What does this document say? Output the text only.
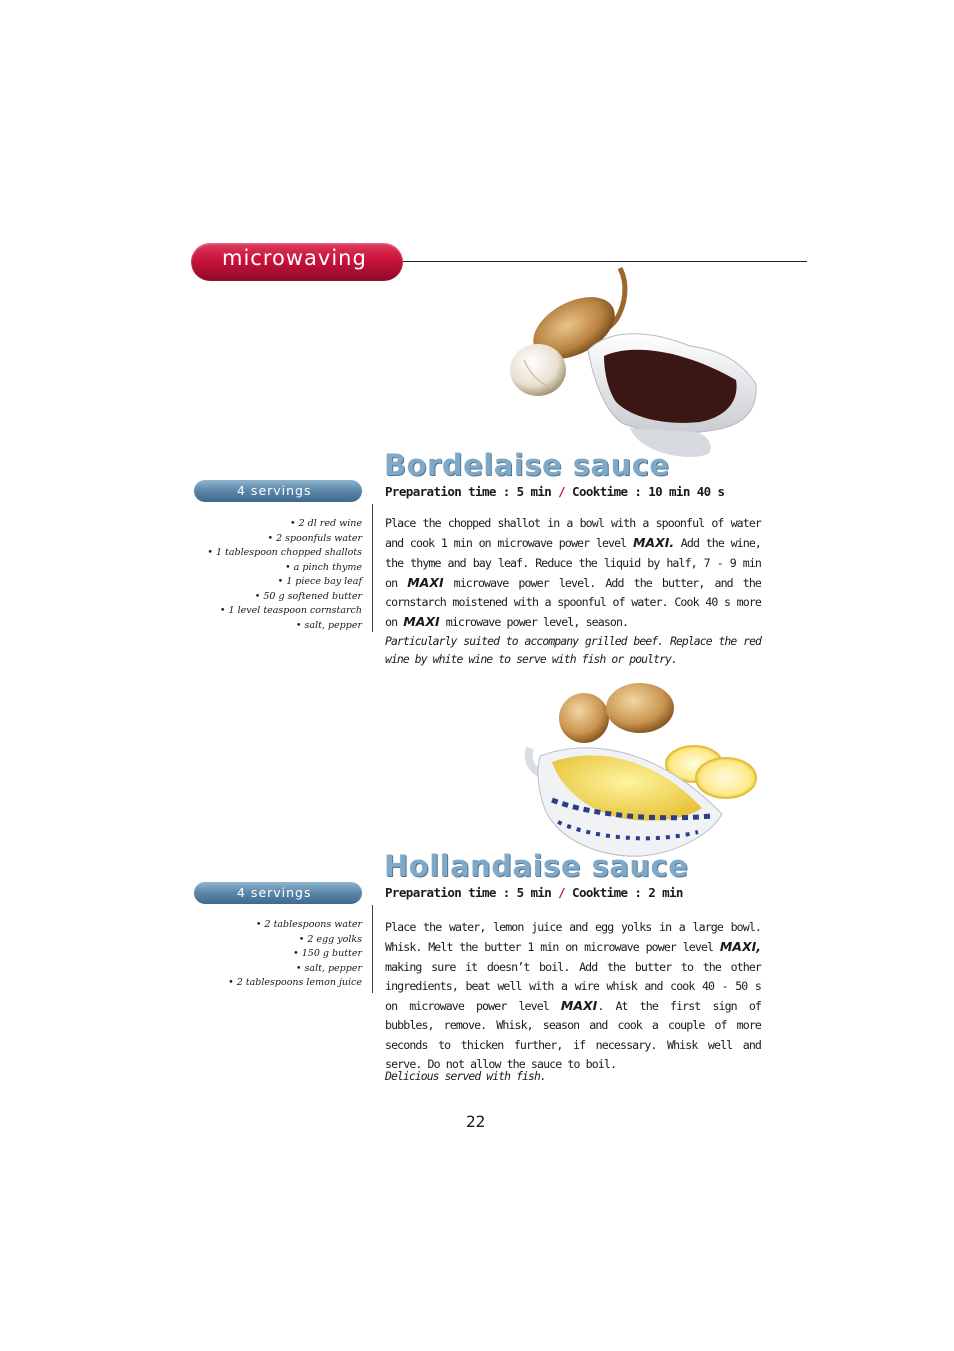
microwaving
4 servings
• 2 dl red wine
• 2 spoonfuls water
• 1 tablespoon chopped shallots
• a pinch thyme
• 1 piece bay leaf
• 50 g softened butter
• 1 level teaspoon cornstarch
• salt, pepper
Bordelaise sauce
Preparation time : 5 min / Cooktime : 10 min 40 s

Place the chopped shallot in a bowl with a spoonful of water and cook 1 min on microwave power level MAXI. Add the wine, the thyme and bay leaf. Reduce the liquid by half, 7 - 9 min on MAXI microwave power level. Add the butter, and the cornstarch moistened with a spoonful of water. Cook 40 s more on MAXI microwave power level, season.

Particularly suited to accompany grilled beef. Replace the red wine by white wine to serve with fish or poultry.

4 servings
• 2 tablespoons water
• 2 egg yolks
• 150 g butter
• salt, pepper
• 2 tablespoons lemon juice
Hollandaise sauce
Preparation time : 5 min / Cooktime : 2 min

Place the water, lemon juice and egg yolks in a large bowl. Whisk. Melt the butter 1 min on microwave power level MAXI, making sure it doesn’t boil. Add the butter to the other ingredients, beat well with a wire whisk and cook 40 - 50 s on microwave power level MAXI. At the first sign of bubbles, remove. Whisk, season and cook a couple of more seconds to thicken further, if necessary. Whisk well and serve. Do not allow the sauce to boil.

Delicious served with fish.

22
